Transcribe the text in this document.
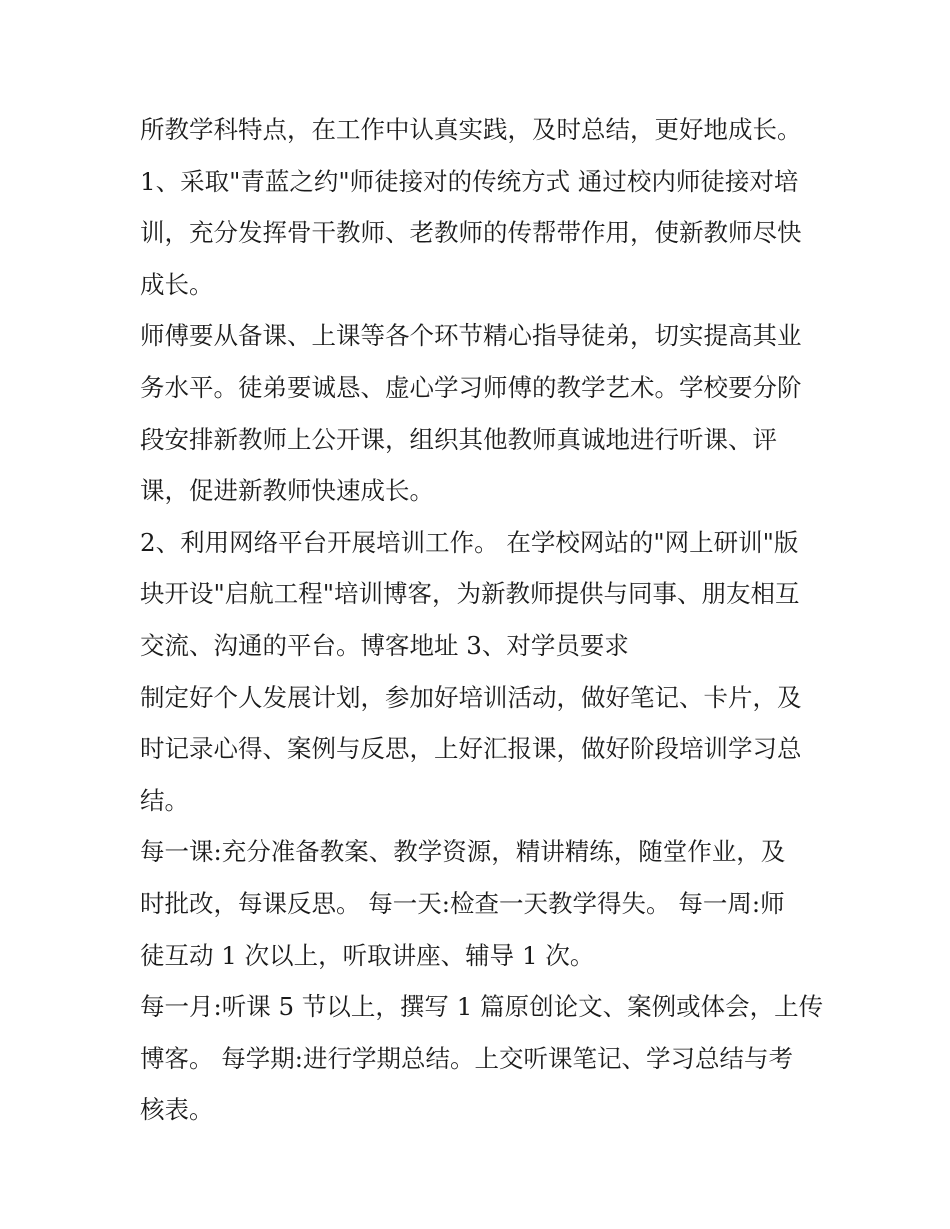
所教学科特点，在工作中认真实践，及时总结，更好地成长。
1、采取"青蓝之约"师徒接对的传统方式 通过校内师徒接对培
训，充分发挥骨干教师、老教师的传帮带作用，使新教师尽快
成长。
师傅要从备课、上课等各个环节精心指导徒弟，切实提高其业
务水平。徒弟要诚恳、虚心学习师傅的教学艺术。学校要分阶
段安排新教师上公开课，组织其他教师真诚地进行听课、评
课，促进新教师快速成长。
2、利用网络平台开展培训工作。 在学校网站的"网上研训"版
块开设"启航工程"培训博客，为新教师提供与同事、朋友相互
交流、沟通的平台。博客地址 3、对学员要求
制定好个人发展计划，参加好培训活动，做好笔记、卡片，及
时记录心得、案例与反思，上好汇报课，做好阶段培训学习总
结。
每一课:充分准备教案、教学资源，精讲精练，随堂作业，及
时批改，每课反思。 每一天:检查一天教学得失。 每一周:师
徒互动 1 次以上，听取讲座、辅导 1 次。
每一月:听课 5 节以上，撰写 1 篇原创论文、案例或体会，上传
博客。 每学期:进行学期总结。上交听课笔记、学习总结与考
核表。
